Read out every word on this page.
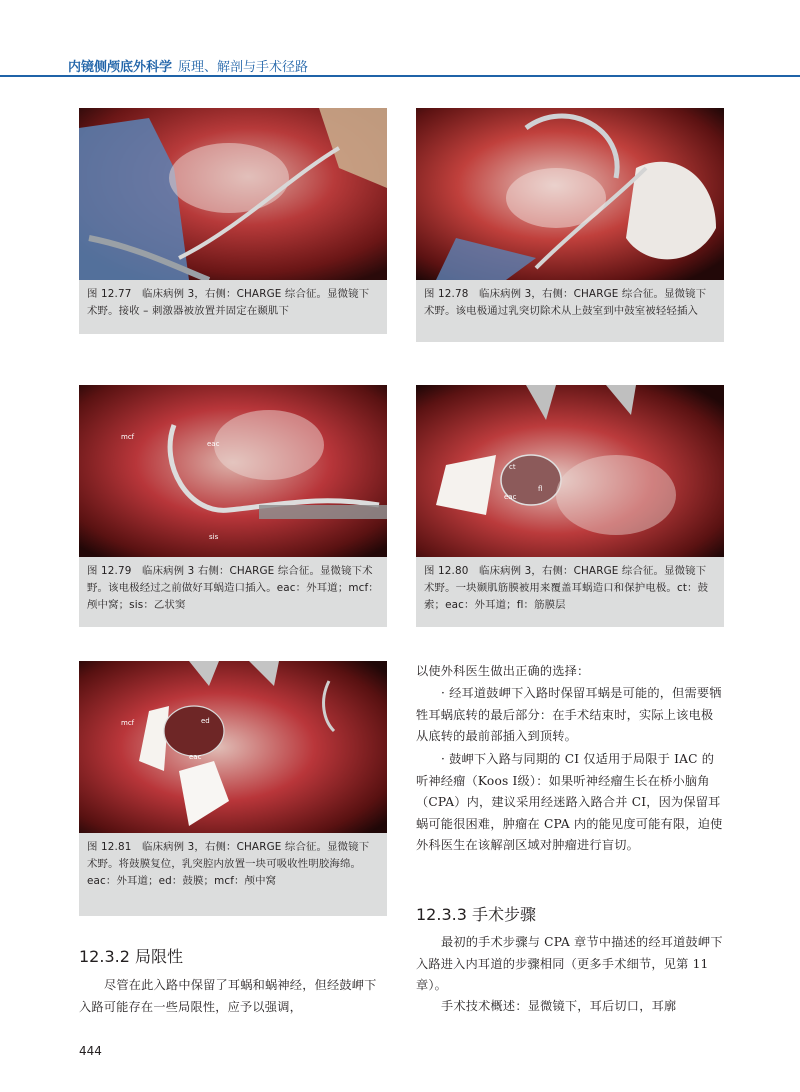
内镜侧颅底外科学 原理、解剖与手术径路
图 12.77　临床病例 3，右侧：CHARGE 综合征。显微镜下术野。接收 – 刺激器被放置并固定在颞肌下
图 12.78　临床病例 3，右侧：CHARGE 综合征。显微镜下术野。该电极通过乳突切除术从上鼓室到中鼓室被轻轻插入
mcf
eac
sis
图 12.79　临床病例 3 右侧：CHARGE 综合征。显微镜下术野。该电极经过之前做好耳蜗造口插入。eac：外耳道；mcf：颅中窝；sis：乙状窦
ct
eac
fl
图 12.80　临床病例 3，右侧：CHARGE 综合征。显微镜下术野。一块颞肌筋膜被用来覆盖耳蜗造口和保护电极。ct：鼓索；eac：外耳道；fl：筋膜层
mcf	ed
eac
图 12.81　临床病例 3，右侧：CHARGE 综合征。显微镜下术野。将鼓膜复位，乳突腔内放置一块可吸收性明胶海绵。eac：外耳道；ed：鼓膜；mcf：颅中窝
12.3.2 局限性
尽管在此入路中保留了耳蜗和蜗神经，但经鼓岬下入路可能存在一些局限性，应予以强调，
以使外科医生做出正确的选择：
· 经耳道鼓岬下入路时保留耳蜗是可能的，但需要牺牲耳蜗底转的最后部分：在手术结束时，实际上该电极从底转的最前部插入到顶转。
· 鼓岬下入路与同期的 CI 仅适用于局限于 IAC 的听神经瘤（Koos Ⅰ级）：如果听神经瘤生长在桥小脑角（CPA）内，建议采用经迷路入路合并 CI，因为保留耳蜗可能很困难，肿瘤在 CPA 内的能见度可能有限，迫使外科医生在该解剖区域对肿瘤进行盲切。
12.3.3 手术步骤
最初的手术步骤与 CPA 章节中描述的经耳道鼓岬下入路进入内耳道的步骤相同（更多手术细节，见第 11 章）。
手术技术概述：显微镜下，耳后切口，耳廓
444
